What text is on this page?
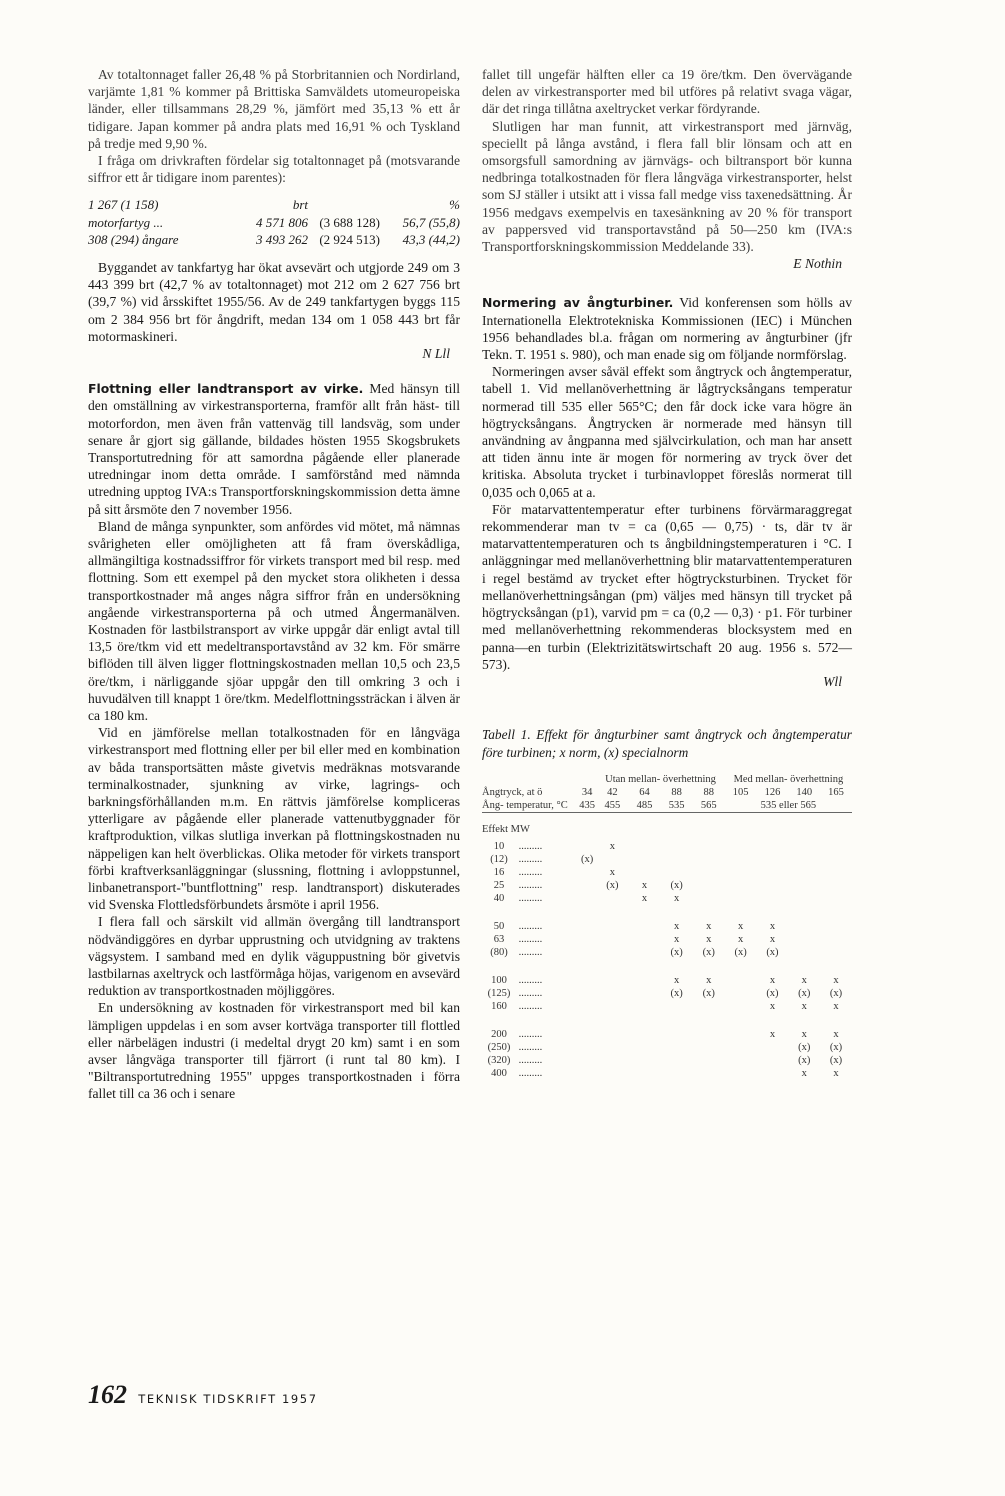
Av totaltonnaget faller 26,48 % på Storbritannien och Nordirland, varjämte 1,81 % kommer på Brittiska Samväldets utomeuropeiska länder, eller tillsammans 28,29 %, jämfört med 35,13 % ett år tidigare. Japan kommer på andra plats med 16,91 % och Tyskland på tredje med 9,90 %.

I fråga om drivkraften fördelar sig totaltonnaget på (motsvarande siffror ett år tidigare inom parentes):

1 267 (1 158)	brt	%
motorfartyg ...	4 571 806 (3 688 128)	56,7 (55,8)
308 (294) ångare	3 493 262 (2 924 513)	43,3 (44,2)

Byggandet av tankfartyg har ökat avsevärt och utgjorde 249 om 3 443 399 brt (42,7 % av totaltonnaget) mot 212 om 2 627 756 brt (39,7 %) vid årsskiftet 1955/56. Av de 249 tankfartygen byggs 115 om 2 384 956 brt för ångdrift, medan 134 om 1 058 443 brt får motormaskineri.

N Lll

Flottning eller landtransport av virke. Med hänsyn till den omställning av virkestransporterna, framför allt från häst- till motorfordon, men även från vattenväg till landsväg, som under senare år gjort sig gällande, bildades hösten 1955 Skogsbrukets Transportutredning för att samordna pågående eller planerade utredningar inom detta område. I samförstånd med nämnda utredning upptog IVA:s Transportforskningskommission detta ämne på sitt årsmöte den 7 november 1956.

Bland de många synpunkter, som anfördes vid mötet, må nämnas svårigheten eller omöjligheten att få fram överskådliga, allmängiltiga kostnadssiffror för virkets transport med bil resp. med flottning. Som ett exempel på den mycket stora olikheten i dessa transportkostnader må anges några siffror från en undersökning angående virkestransporterna på och utmed Ångermanälven. Kostnaden för lastbilstransport av virke uppgår där enligt avtal till 13,5 öre/tkm vid ett medeltransportavstånd av 32 km. För smärre biflöden till älven ligger flottningskostnaden mellan 10,5 och 23,5 öre/tkm, i närliggande sjöar uppgår den till omkring 3 och i huvudälven till knappt 1 öre/tkm. Medelflottningssträckan i älven är ca 180 km.

Vid en jämförelse mellan totalkostnaden för en långväga virkestransport med flottning eller per bil eller med en kombination av båda transportsätten måste givetvis medräknas motsvarande terminalkostnader, sjunkning av virke, lagrings- och barkningsförhållanden m.m. En rättvis jämförelse kompliceras ytterligare av pågående eller planerade vattenutbyggnader för kraftproduktion, vilkas slutliga inverkan på flottningskostnaden nu näppeligen kan helt överblickas. Olika metoder för virkets transport förbi kraftverksanläggningar (slussning, flottning i avloppstunnel, linbanetransport-"buntflottning" resp. landtransport) diskuterades vid Svenska Flottledsförbundets årsmöte i april 1956.

I flera fall och särskilt vid allmän övergång till landtransport nödvändiggöres en dyrbar upprustning och utvidgning av traktens vägsystem. I samband med en dylik väguppustning bör givetvis lastbilarnas axeltryck och lastförmåga höjas, varigenom en avsevärd reduktion av transportkostnaden möjliggöres.

En undersökning av kostnaden för virkestransport med bil kan lämpligen uppdelas i en som avser kortväga transporter till flottled eller närbelägen industri (i medeltal drygt 20 km) samt i en som avser långväga transporter till fjärrort (i runt tal 80 km). I "Biltransportutredning 1955" uppges transportkostnaden i förra fallet till ca 36 och i senare

fallet till ungefär hälften eller ca 19 öre/tkm. Den övervägande delen av virkestransporter med bil utföres på relativt svaga vägar, där det ringa tillåtna axeltrycket verkar fördyrande.

Slutligen har man funnit, att virkestransport med järnväg, speciellt på långa avstånd, i flera fall blir lönsam och att en omsorgsfull samordning av järnvägs- och biltransport bör kunna nedbringa totalkostnaden för flera långväga virkestransporter, helst som SJ ställer i utsikt att i vissa fall medge viss taxenedsättning. År 1956 medgavs exempelvis en taxesänkning av 20 % för transport av pappersved vid transportavstånd på 50—250 km (IVA:s Transportforskningskommission Meddelande 33).

E Nothin

Normering av ångturbiner. Vid konferensen som hölls av Internationella Elektrotekniska Kommissionen (IEC) i München 1956 behandlades bl.a. frågan om normering av ångturbiner (jfr Tekn. T. 1951 s. 980), och man enade sig om följande normförslag.

Normeringen avser såväl effekt som ångtryck och ångtemperatur, tabell 1. Vid mellanöverhettning är lågtrycksångans temperatur normerad till 535 eller 565°C; den får dock icke vara högre än högtrycksångans. Ångtrycken är normerade med hänsyn till användning av ångpanna med självcirkulation, och man har ansett att tiden ännu inte är mogen för normering av tryck över det kritiska. Absoluta trycket i turbinavloppet föreslås normerat till 0,035 och 0,065 at a.

För matarvattentemperatur efter turbinens förvärmaraggregat rekommenderar man tv = ca (0,65 — 0,75) · ts, där tv är matarvattentemperaturen och ts ångbildningstemperaturen i °C. I anläggningar med mellanöverhettning blir matarvattentemperaturen i regel bestämd av trycket efter högtrycksturbinen. Trycket för mellanöverhettningsångan (pm) väljes med hänsyn till trycket på högtrycksångan (p1), varvid pm = ca (0,2 — 0,3) · p1. För turbiner med mellanöverhettning rekommenderas blocksystem med en panna—en turbin (Elektrizitätswirtschaft 20 aug. 1956 s. 572—573).

Wll
Tabell 1. Effekt för ångturbiner samt ångtryck och ångtemperatur före turbinen; x norm, (x) specialnorm
		Utan mellan- överhettning				Med mellan- överhettning			
Ångtryck, at ö	34	42	64	88	88	105	126	140	165
Ång- temperatur, °C	435	455	485	535	565	535 eller 565			

Effekt MW									
10 .........		x							
(12) .........	(x)								
16 .........		x							
25 .........		(x)	x	(x)					
40 .........			x	x					
50 .........				x	x	x	x		
63 .........				x	x	x	x		
(80) .........				(x)	(x)	(x)	(x)		
100 .........				x	x		x	x	x
(125) .........				(x)	(x)		(x)	(x)	(x)
160 .........							x	x	x
200 .........							x	x	x
(250) .........								(x)	(x)
(320) .........								(x)	(x)
400 .........								x	x
162 TEKNISK TIDSKRIFT 1957
